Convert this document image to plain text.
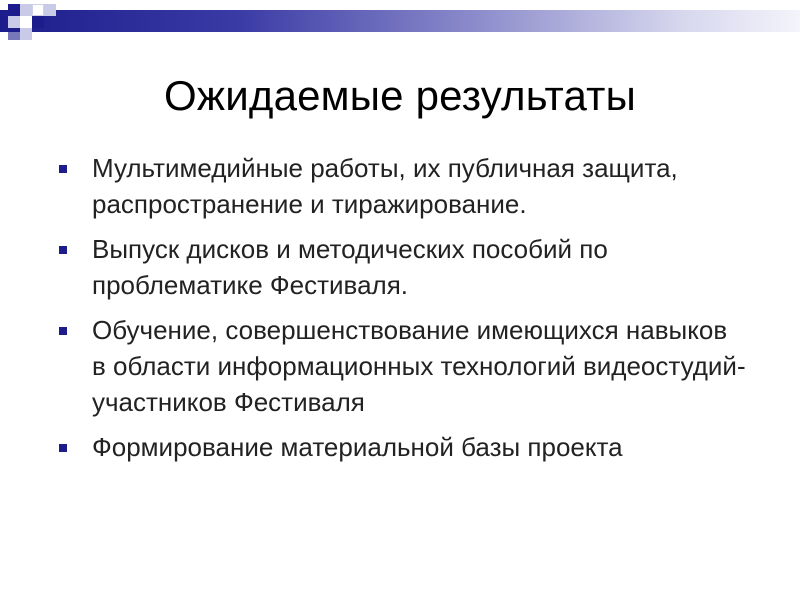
Ожидаемые результаты
Мультимедийные работы, их публичная защита, распространение и тиражирование.
Выпуск дисков и методических пособий по проблематике Фестиваля.
Обучение, совершенствование имеющихся навыков в области информационных технологий видеостудий-участников Фестиваля
Формирование материальной базы проекта
